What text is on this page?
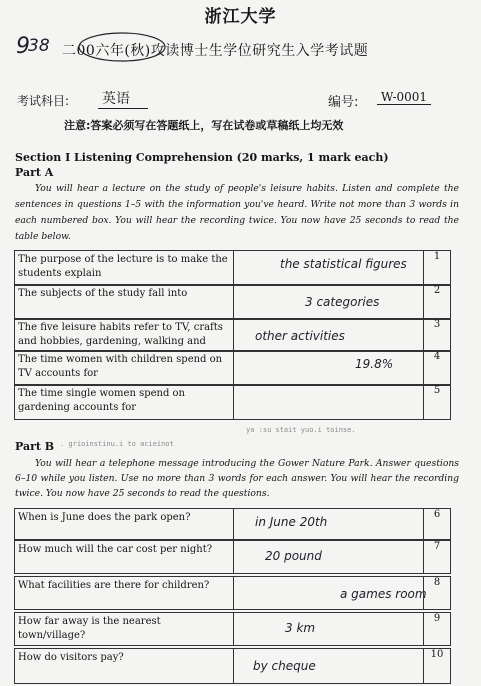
浙江大学
9
38 二00六年(秋)攻读博士生学位研究生入学考试题
考试科目: 英语	编号:	W-0001
注意:答案必须写在答题纸上，写在试卷或草稿纸上均无效
Section I Listening Comprehension (20 marks, 1 mark each)
Part A
You will hear a lecture on the study of people's leisure habits. Listen and complete the sentences in questions 1–5 with the information you've heard. Write not more than 3 words in each numbered box. You will hear the recording twice. You now have 25 seconds to read the table below.
The purpose of the lecture is to make the students explain
the statistical figures
1
The subjects of the study fall into
3 categories
2
The five leisure habits refer to TV, crafts and hobbies, gardening, walking and	other activities
3
The time women with children spend on TV accounts for
19.8%
4
The time single women spend on gardening accounts for
5
ya :su stait yuo.i toinse.
. grioinstinu.i to acieinot
Part B
You will hear a telephone message introducing the Gower Nature Park. Answer questions 6–10 while you listen. Use no more than 3 words for each answer. You will hear the recording twice. You now have 25 seconds to read the questions.
When is June does the park open?	in June 20th
6
How much will the car cost per night?	20 pound
7
What facilities are there for children?
a games room
8
How far away is the nearest town/village?
3 km
9
How do visitors pay?
by cheque
10
